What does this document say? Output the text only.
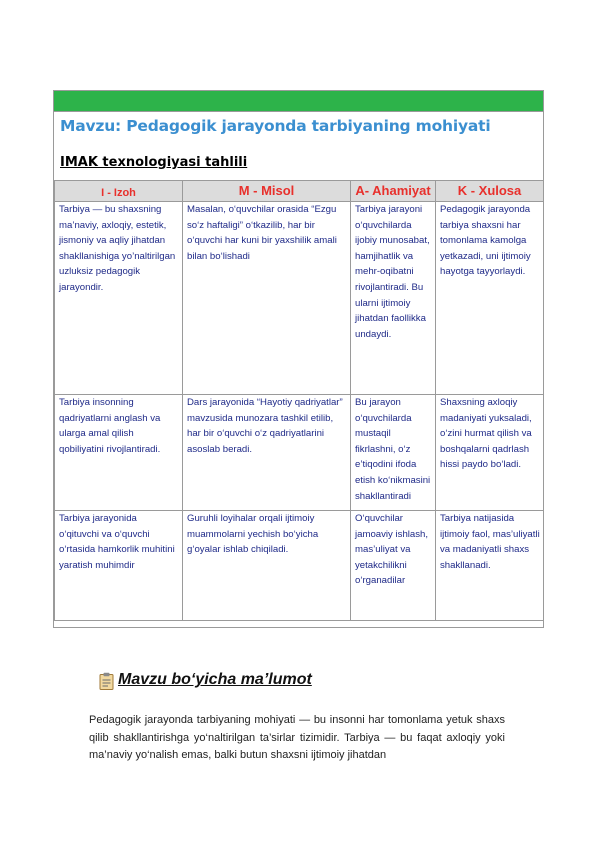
Mavzu: Pedagogik jarayonda tarbiyaning mohiyati
IMAK texnologiyasi tahlili
I - Izoh	M - Misol	A- Ahamiyat	K - Xulosa
Tarbiya — bu shaxsning ma’naviy, axloqiy, estetik, jismoniy va aqliy jihatdan shakllanishiga yo’naltirilgan uzluksiz pedagogik jarayondir.	Masalan, o‘quvchilar orasida “Ezgu so‘z haftaligi” o‘tkazilib, har bir o‘quvchi har kuni bir yaxshilik amali bilan bo‘lishadi	Tarbiya jarayoni o‘quvchilarda ijobiy munosabat, hamjihatlik va mehr-oqibatni rivojlantiradi. Bu ularni ijtimoiy jihatdan faollikka undaydi.	Pedagogik jarayonda tarbiya shaxsni har tomonlama kamolga yetkazadi, uni ijtimoiy hayotga tayyorlaydi.
Tarbiya insonning qadriyatlarni anglash va ularga amal qilish qobiliyatini rivojlantiradi.	Dars jarayonida “Hayotiy qadriyatlar” mavzusida munozara tashkil etilib, har bir o‘quvchi o‘z qadriyatlarini asoslab beradi.	Bu jarayon o‘quvchilarda mustaqil fikrlashni, o‘z e’tiqodini ifoda etish ko‘nikmasini shakllantiradi	Shaxsning axloqiy madaniyati yuksaladi, o‘zini hurmat qilish va boshqalarni qadrlash hissi paydo bo‘ladi.
Tarbiya jarayonida o‘qituvchi va o‘quvchi o‘rtasida hamkorlik muhitini yaratish muhimdir	Guruhli loyihalar orqali ijtimoiy muammolarni yechish bo‘yicha g‘oyalar ishlab chiqiladi.	O‘quvchilar jamoaviy ishlash, mas’uliyat va yetakchilikni o‘rganadilar	Tarbiya natijasida ijtimoiy faol, mas’uliyatli va madaniyatli shaxs shakllanadi.
Mavzu bo‘yicha ma’lumot

Pedagogik jarayonda tarbiyaning mohiyati — bu insonni har tomonlama yetuk shaxs qilib shakllantirishga yo‘naltirilgan ta’sirlar tizimidir. Tarbiya — bu faqat axloqiy yoki ma’naviy yo‘nalish emas, balki butun shaxsni ijtimoiy jihatdan
